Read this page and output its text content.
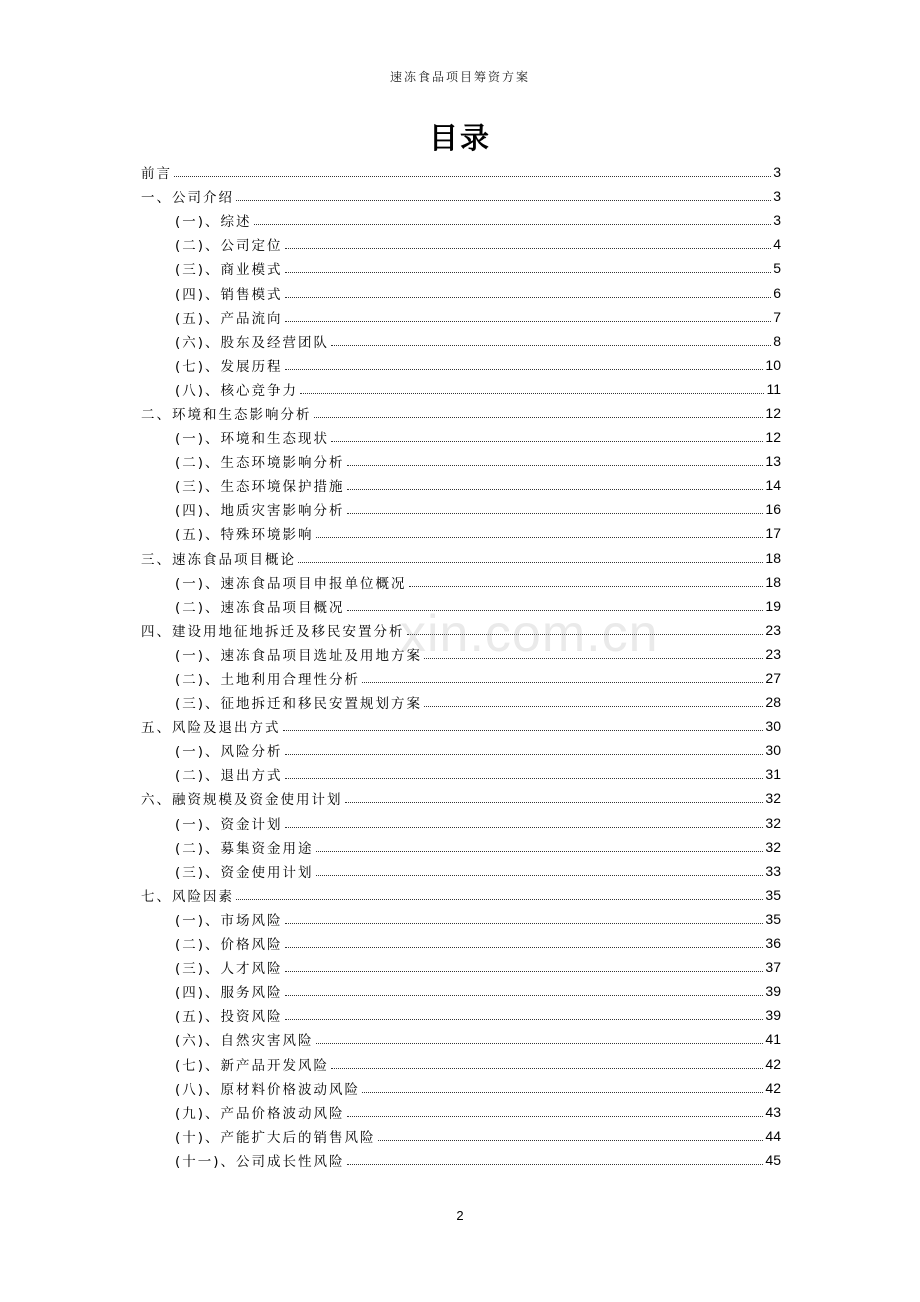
速冻食品项目筹资方案
目录
前言	3
一、公司介绍	3
(一)、综述	3
(二)、公司定位	4
(三)、商业模式	5
(四)、销售模式	6
(五)、产品流向	7
(六)、股东及经营团队	8
(七)、发展历程	10
(八)、核心竞争力	11
二、环境和生态影响分析	12
(一)、环境和生态现状	12
(二)、生态环境影响分析	13
(三)、生态环境保护措施	14
(四)、地质灾害影响分析	16
(五)、特殊环境影响	17
三、速冻食品项目概论	18
(一)、速冻食品项目申报单位概况	18
(二)、速冻食品项目概况	19
四、建设用地征地拆迁及移民安置分析	23
(一)、速冻食品项目选址及用地方案	23
(二)、土地利用合理性分析	27
(三)、征地拆迁和移民安置规划方案	28
五、风险及退出方式	30
(一)、风险分析	30
(二)、退出方式	31
六、融资规模及资金使用计划	32
(一)、资金计划	32
(二)、募集资金用途	32
(三)、资金使用计划	33
七、风险因素	35
(一)、市场风险	35
(二)、价格风险	36
(三)、人才风险	37
(四)、服务风险	39
(五)、投资风险	39
(六)、自然灾害风险	41
(七)、新产品开发风险	42
(八)、原材料价格波动风险	42
(九)、产品价格波动风险	43
(十)、产能扩大后的销售风险	44
(十一)、公司成长性风险	45
xin.com.cn
2
